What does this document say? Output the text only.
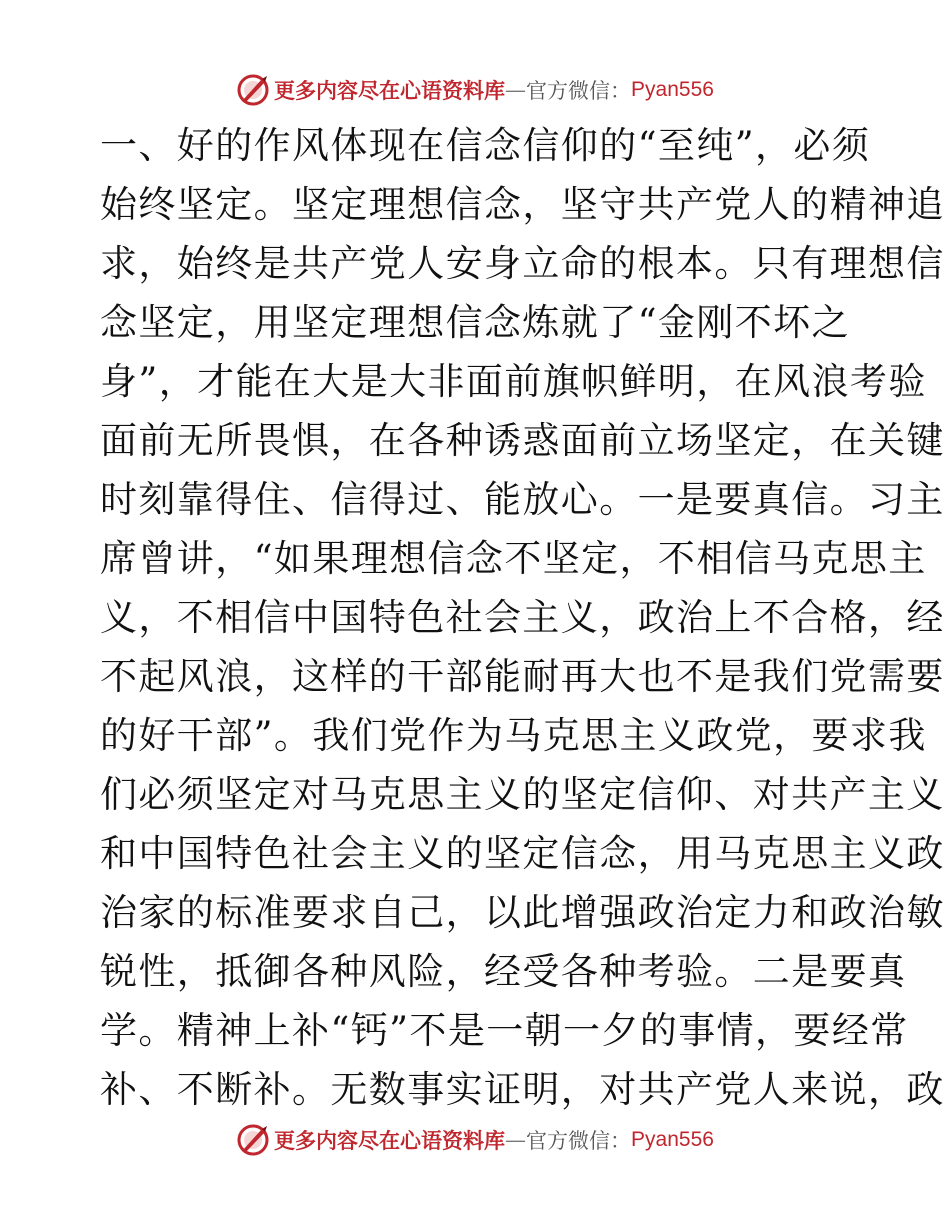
更多内容尽在心语资料库 — 官方微信： Pyan556
一、好的作风体现在信念信仰的“至纯”，必须
始终坚定。坚定理想信念，坚守共产党人的精神追
求，始终是共产党人安身立命的根本。只有理想信
念坚定，用坚定理想信念炼就了“金刚不坏之
身”，才能在大是大非面前旗帜鲜明，在风浪考验
面前无所畏惧，在各种诱惑面前立场坚定，在关键
时刻靠得住、信得过、能放心。一是要真信。习主
席曾讲，“如果理想信念不坚定，不相信马克思主
义，不相信中国特色社会主义，政治上不合格，经
不起风浪，这样的干部能耐再大也不是我们党需要
的好干部”。我们党作为马克思主义政党，要求我
们必须坚定对马克思主义的坚定信仰、对共产主义
和中国特色社会主义的坚定信念，用马克思主义政
治家的标准要求自己，以此增强政治定力和政治敏
锐性，抵御各种风险，经受各种考验。二是要真
学。精神上补“钙”不是一朝一夕的事情，要经常
补、不断补。无数事实证明，对共产党人来说，政
更多内容尽在心语资料库 — 官方微信： Pyan556
